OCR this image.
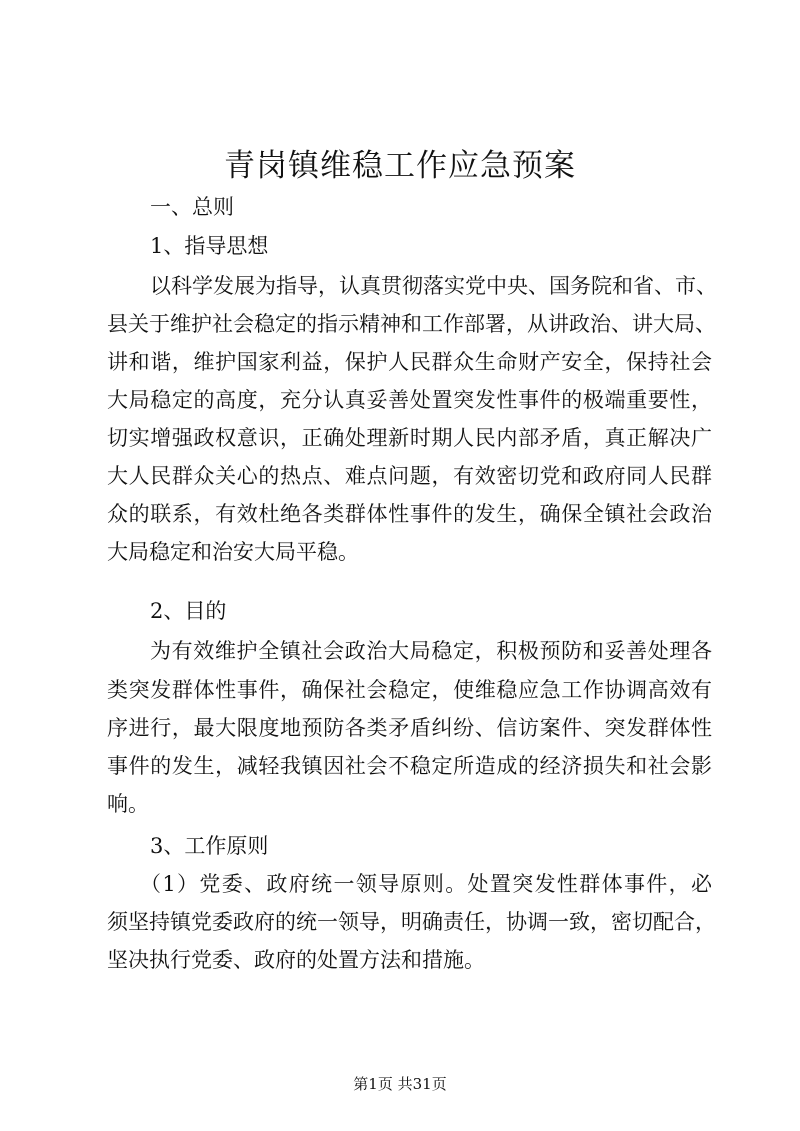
青岗镇维稳工作应急预案
一、总则
1、指导思想
以科学发展为指导，认真贯彻落实党中央、国务院和省、市、
县关于维护社会稳定的指示精神和工作部署，从讲政治、讲大局、
讲和谐，维护国家利益，保护人民群众生命财产安全，保持社会
大局稳定的高度，充分认真妥善处置突发性事件的极端重要性，
切实增强政权意识，正确处理新时期人民内部矛盾，真正解决广
大人民群众关心的热点、难点问题，有效密切党和政府同人民群
众的联系，有效杜绝各类群体性事件的发生，确保全镇社会政治
大局稳定和治安大局平稳。
2、目的
为有效维护全镇社会政治大局稳定，积极预防和妥善处理各
类突发群体性事件，确保社会稳定，使维稳应急工作协调高效有
序进行，最大限度地预防各类矛盾纠纷、信访案件、突发群体性
事件的发生，减轻我镇因社会不稳定所造成的经济损失和社会影
响。
3、工作原则
（1）党委、政府统一领导原则。处置突发性群体事件，必
须坚持镇党委政府的统一领导，明确责任，协调一致，密切配合，
坚决执行党委、政府的处置方法和措施。
第1页 共31页
